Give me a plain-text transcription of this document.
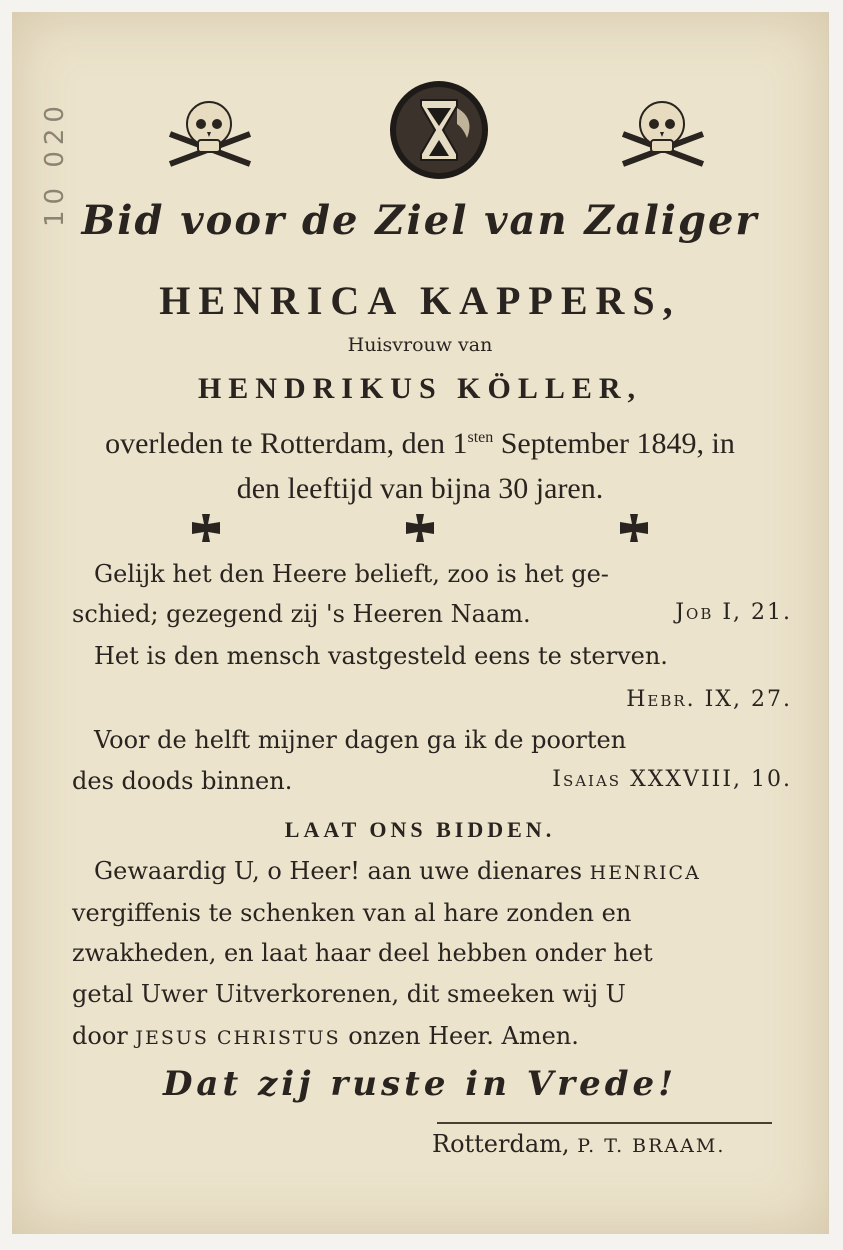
10 020 Bid voor de Ziel van Zaliger
HENRICA KAPPERS,
Huisvrouw van
HENDRIKUS KÖLLER,
overleden te Rotterdam, den $1^{sten}$ September 1849, in
den leeftijd van bijna 30 jaren.
Gelijk het den Heere belieft, zoo is het ge-
schied; gezegend zij 's Heeren Naam.	Job I, 21.
Het is den mensch vastgesteld eens te sterven.
Hebr. IX, 27.
Voor de helft mijner dagen ga ik de poorten
des doods binnen.	Isaias XXXVIII, 10.
LAAT ONS BIDDEN.
Gewaardig U, o Heer! aan uwe dienares HENRICA
vergiffenis te schenken van al hare zonden en
zwakheden, en laat haar deel hebben onder het
getal Uwer Uitverkorenen, dit smeeken wij U
door JESUS CHRISTUS onzen Heer. Amen.
Dat zij ruste in Vrede!
Rotterdam, P. T. BRAAM.
